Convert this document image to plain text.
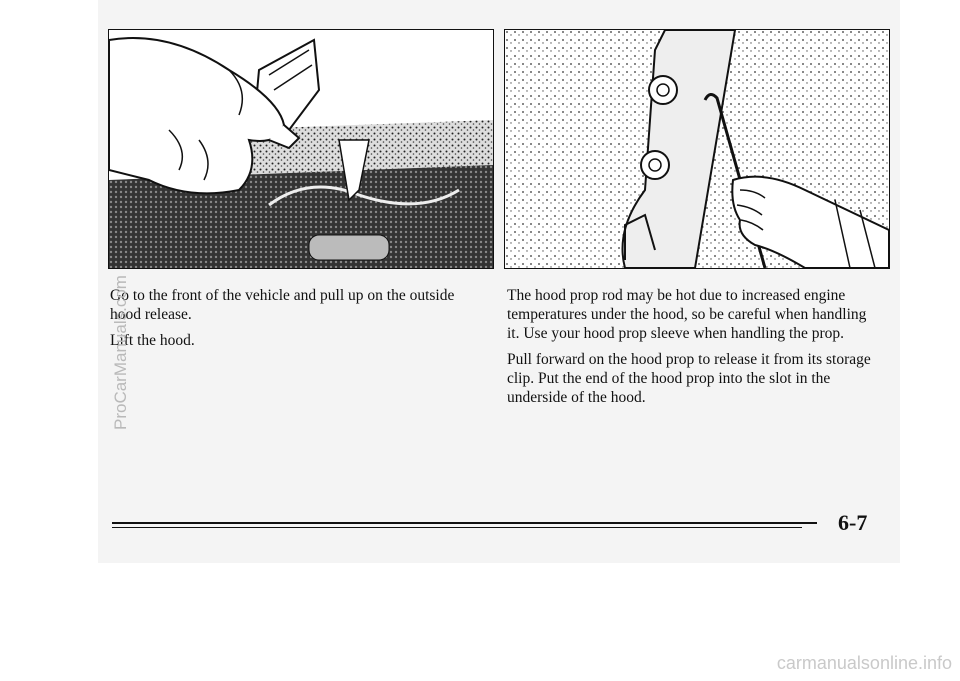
Go to the front of the vehicle and pull up on the outside hood release.

Lift the hood.

The hood prop rod may be hot due to increased engine temperatures under the hood, so be careful when handling it. Use your hood prop sleeve when handling the prop.

Pull forward on the hood prop to release it from its storage clip. Put the end of the hood prop into the slot in the underside of the hood.

6-7
ProCarManuals.com
carmanualsonline.info
